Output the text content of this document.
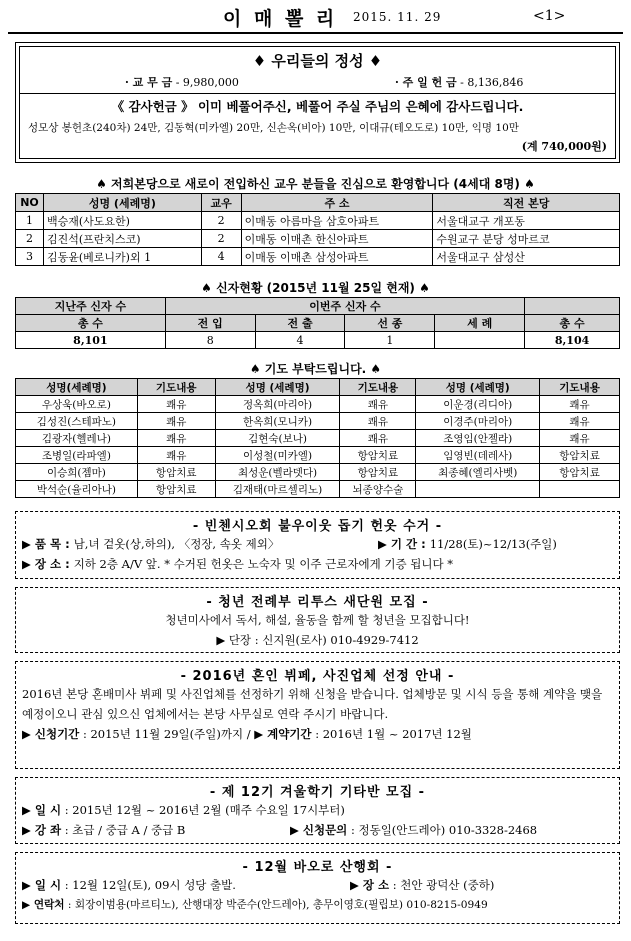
이 매 뽈 리 2015. 11. 29	<1>
♦ 우리들의 정성 ♦
· 교 무 금 - 9,980,000	· 주 일 헌 금 - 8,136,846
《 감사헌금 》 이미 베풀어주신, 베풀어 주실 주님의 은혜에 감사드립니다.
성모상 봉헌초(240차) 24만, 김동혁(미카엘) 20만, 신손옥(비아) 10만, 이대규(테오도로) 10만, 익명 10만
(계 740,000원)
♠ 저희본당으로 새로이 전입하신 교우 분들을 진심으로 환영합니다 (4세대 8명) ♠
NO	성명 (세례명)	교우	주 소	직전 본당
1	백승재(사도요한)	2	이매동 아름마을 삼호아파트	서울대교구 개포동
2	김진석(프란치스코)	2	이매동 이매촌 한신아파트	수원교구 분당 성마르코
3	김동윤(베로니카)외 1	4	이매동 이매촌 삼성아파트	서울대교구 삼성산
♠ 신자현황 (2015년 11월 25일 현재) ♠
지난주 신자 수	이번주 신자 수				
총 수	전 입	전 출	선 종	세 례	총 수
8,101	8	4	1		8,104
♠ 기도 부탁드립니다. ♠
성명(세례명)	기도내용	성명 (세례명)	기도내용	성명 (세례명)	기도내용
우상욱(바오로)	쾌유	정옥희(마리아)	쾌유	이운경(리디아)	쾌유
김성진(스테파노)	쾌유	한옥희(모니카)	쾌유	이경주(마리아)	쾌유
김광자(헬레나)	쾌유	김현숙(보나)	쾌유	조영임(안젤라)	쾌유
조병일(라파엘)	쾌유	이성철(미카엘)	항암치료	임영빈(데레사)	항암치료
이승희(젬마)	항암치료	최성운(벨라뎃다)	항암치료	최종혜(엘리사벳)	항암치료
박석순(율리아나)	항암치료	김재태(마르셀리노)	뇌종양수술		
- 빈첸시오회 불우이웃 돕기 헌옷 수거 -
▶ 품 목 : 남,녀 겉옷(상,하의), 〈정장, 속옷 제외〉	▶ 기 간 : 11/28(토)~12/13(주일)
▶ 장 소 : 지하 2층 A/V 앞. * 수거된 헌옷은 노숙자 및 이주 근로자에게 기증 됩니다 *
- 청년 전례부 리투스 새단원 모집 -
청년미사에서 독서, 해설, 율동을 함께 할 청년을 모집합니다!
▶ 단장 : 신지원(로사) 010-4929-7412
- 2016년 혼인 뷔페, 사진업체 선정 안내 -
2016년 본당 혼배미사 뷔페 및 사진업체를 선정하기 위해 신청을 받습니다. 업체방문 및 시식 등을 통해 계약을 맺을 예정이오니 관심 있으신 업체에서는 본당 사무실로 연락 주시기 바랍니다.
▶ 신청기간 : 2015년 11월 29일(주일)까지 / ▶ 계약기간 : 2016년 1월 ~ 2017년 12월
- 제 12기 겨울학기 기타반 모집 -
▶ 일 시 : 2015년 12월 ~ 2016년 2월 (매주 수요일 17시부터)
▶ 강 좌 : 초급 / 중급 A / 중급 B	▶ 신청문의 : 정동일(안드레아) 010-3328-2468
- 12월 바오로 산행회 -
▶ 일 시 : 12월 12일(토), 09시 성당 출발.	▶ 장 소 : 천안 광덕산 (중하)
▶ 연락처 : 회장이범용(마르티노), 산행대장 박준수(안드레아), 총무이영호(필립보) 010-8215-0949
